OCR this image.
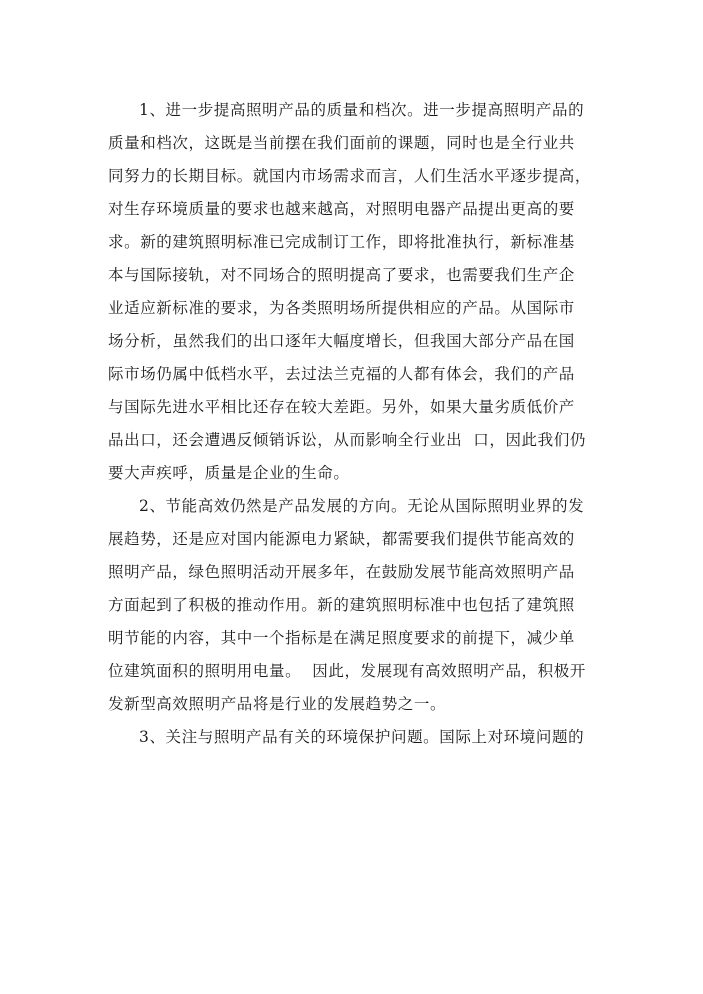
1、进一步提高照明产品的质量和档次。进一步提高照明产品的
质量和档次，这既是当前摆在我们面前的课题，同时也是全行业共
同努力的长期目标。就国内市场需求而言，人们生活水平逐步提高，
对生存环境质量的要求也越来越高，对照明电器产品提出更高的要
求。新的建筑照明标准已完成制订工作，即将批准执行，新标准基
本与国际接轨，对不同场合的照明提高了要求，也需要我们生产企
业适应新标准的要求，为各类照明场所提供相应的产品。从国际市
场分析，虽然我们的出口逐年大幅度增长，但我国大部分产品在国
际市场仍属中低档水平，去过法兰克福的人都有体会，我们的产品
与国际先进水平相比还存在较大差距。另外，如果大量劣质低价产
品出口，还会遭遇反倾销诉讼，从而影响全行业出  口，因此我们仍
要大声疾呼，质量是企业的生命。
2、节能高效仍然是产品发展的方向。无论从国际照明业界的发
展趋势，还是应对国内能源电力紧缺，都需要我们提供节能高效的
照明产品，绿色照明活动开展多年，在鼓励发展节能高效照明产品
方面起到了积极的推动作用。新的建筑照明标准中也包括了建筑照
明节能的内容，其中一个指标是在满足照度要求的前提下，减少单
位建筑面积的照明用电量。  因此，发展现有高效照明产品，积极开
发新型高效照明产品将是行业的发展趋势之一。
3、关注与照明产品有关的环境保护问题。国际上对环境问题的
